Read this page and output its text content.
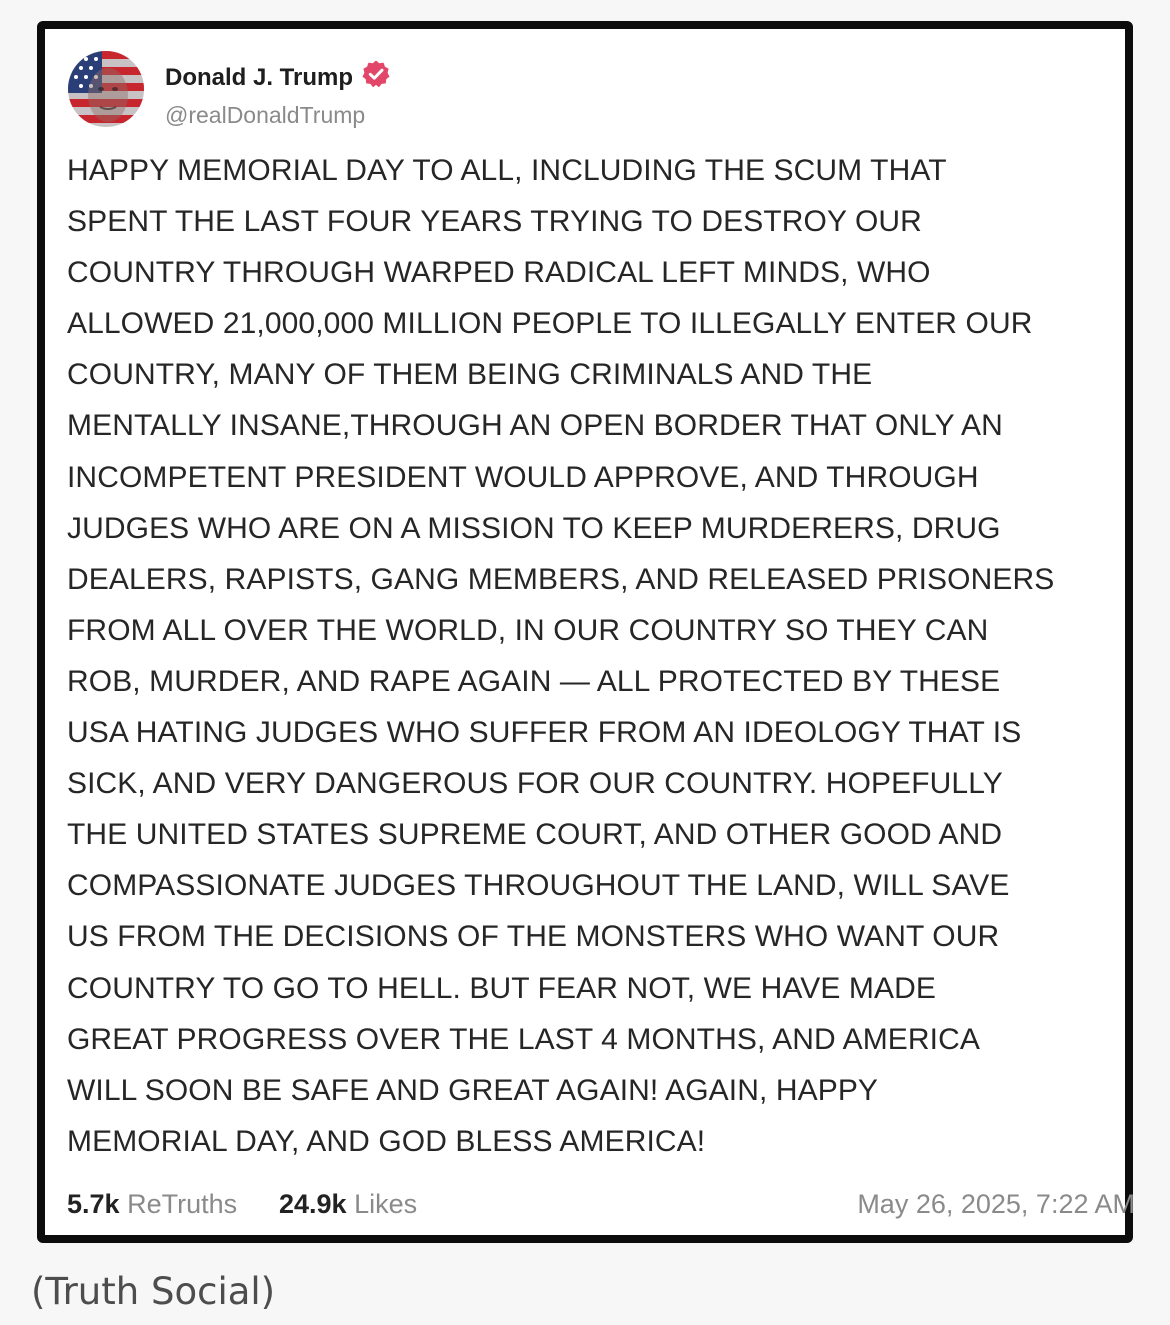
Donald J. Trump
@realDonaldTrump
HAPPY MEMORIAL DAY TO ALL, INCLUDING THE SCUM THAT
SPENT THE LAST FOUR YEARS TRYING TO DESTROY OUR
COUNTRY THROUGH WARPED RADICAL LEFT MINDS, WHO
ALLOWED 21,000,000 MILLION PEOPLE TO ILLEGALLY ENTER OUR
COUNTRY, MANY OF THEM BEING CRIMINALS AND THE
MENTALLY INSANE,THROUGH AN OPEN BORDER THAT ONLY AN
INCOMPETENT PRESIDENT WOULD APPROVE, AND THROUGH
JUDGES WHO ARE ON A MISSION TO KEEP MURDERERS, DRUG
DEALERS, RAPISTS, GANG MEMBERS, AND RELEASED PRISONERS
FROM ALL OVER THE WORLD, IN OUR COUNTRY SO THEY CAN
ROB, MURDER, AND RAPE AGAIN — ALL PROTECTED BY THESE
USA HATING JUDGES WHO SUFFER FROM AN IDEOLOGY THAT IS
SICK, AND VERY DANGEROUS FOR OUR COUNTRY. HOPEFULLY
THE UNITED STATES SUPREME COURT, AND OTHER GOOD AND
COMPASSIONATE JUDGES THROUGHOUT THE LAND, WILL SAVE
US FROM THE DECISIONS OF THE MONSTERS WHO WANT OUR
COUNTRY TO GO TO HELL. BUT FEAR NOT, WE HAVE MADE
GREAT PROGRESS OVER THE LAST 4 MONTHS, AND AMERICA
WILL SOON BE SAFE AND GREAT AGAIN! AGAIN, HAPPY
MEMORIAL DAY, AND GOD BLESS AMERICA!
5.7k ReTruths 24.9k Likes	May 26, 2025, 7:22 AM
(Truth Social)
